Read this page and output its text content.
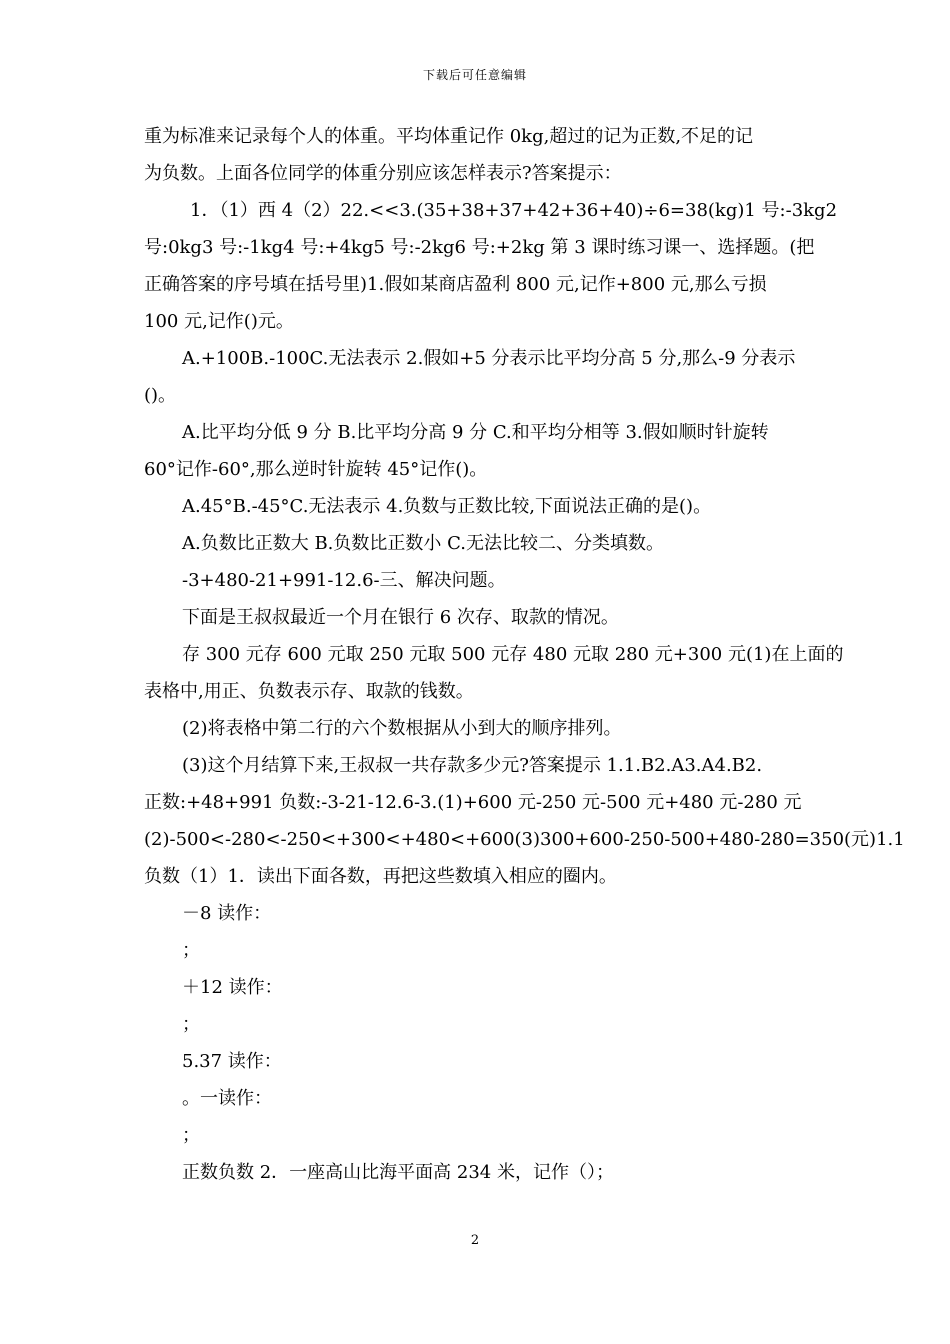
下载后可任意编辑
重为标准来记录每个人的体重。平均体重记作 0kg,超过的记为正数,不足的记
为负数。上面各位同学的体重分别应该怎样表示?答案提示：
1．（1）西 4（2）22.<<3.(35+38+37+42+36+40)÷6=38(kg)1 号:-3kg2
号:0kg3 号:-1kg4 号:+4kg5 号:-2kg6 号:+2kg 第 3 课时练习课一、选择题。(把
正确答案的序号填在括号里)1.假如某商店盈利 800 元,记作+800 元,那么亏损
100 元,记作()元。
A.+100B.-100C.无法表示 2.假如+5 分表示比平均分高 5 分,那么-9 分表示
()。
A.比平均分低 9 分 B.比平均分高 9 分 C.和平均分相等 3.假如顺时针旋转
60°记作-60°,那么逆时针旋转 45°记作()。
A.45°B.-45°C.无法表示 4.负数与正数比较,下面说法正确的是()。
A.负数比正数大 B.负数比正数小 C.无法比较二、分类填数。
-3+480-21+991-12.6-三、解决问题。
下面是王叔叔最近一个月在银行 6 次存、取款的情况。
存 300 元存 600 元取 250 元取 500 元存 480 元取 280 元+300 元(1)在上面的
表格中,用正、负数表示存、取款的钱数。
(2)将表格中第二行的六个数根据从小到大的顺序排列。
(3)这个月结算下来,王叔叔一共存款多少元?答案提示 1.1.B2.A3.A4.B2.
正数:+48+991 负数:-3-21-12.6-3.(1)+600 元-250 元-500 元+480 元-280 元
(2)-500<-280<-250<+300<+480<+600(3)300+600-250-500+480-280=350(元)1.1
负数（1）1．读出下面各数，再把这些数填入相应的圈内。
－8 读作：
；
＋12 读作：
；
5.37 读作：
。一读作：
；
正数负数 2．一座高山比海平面高 234 米，记作（）；
2
